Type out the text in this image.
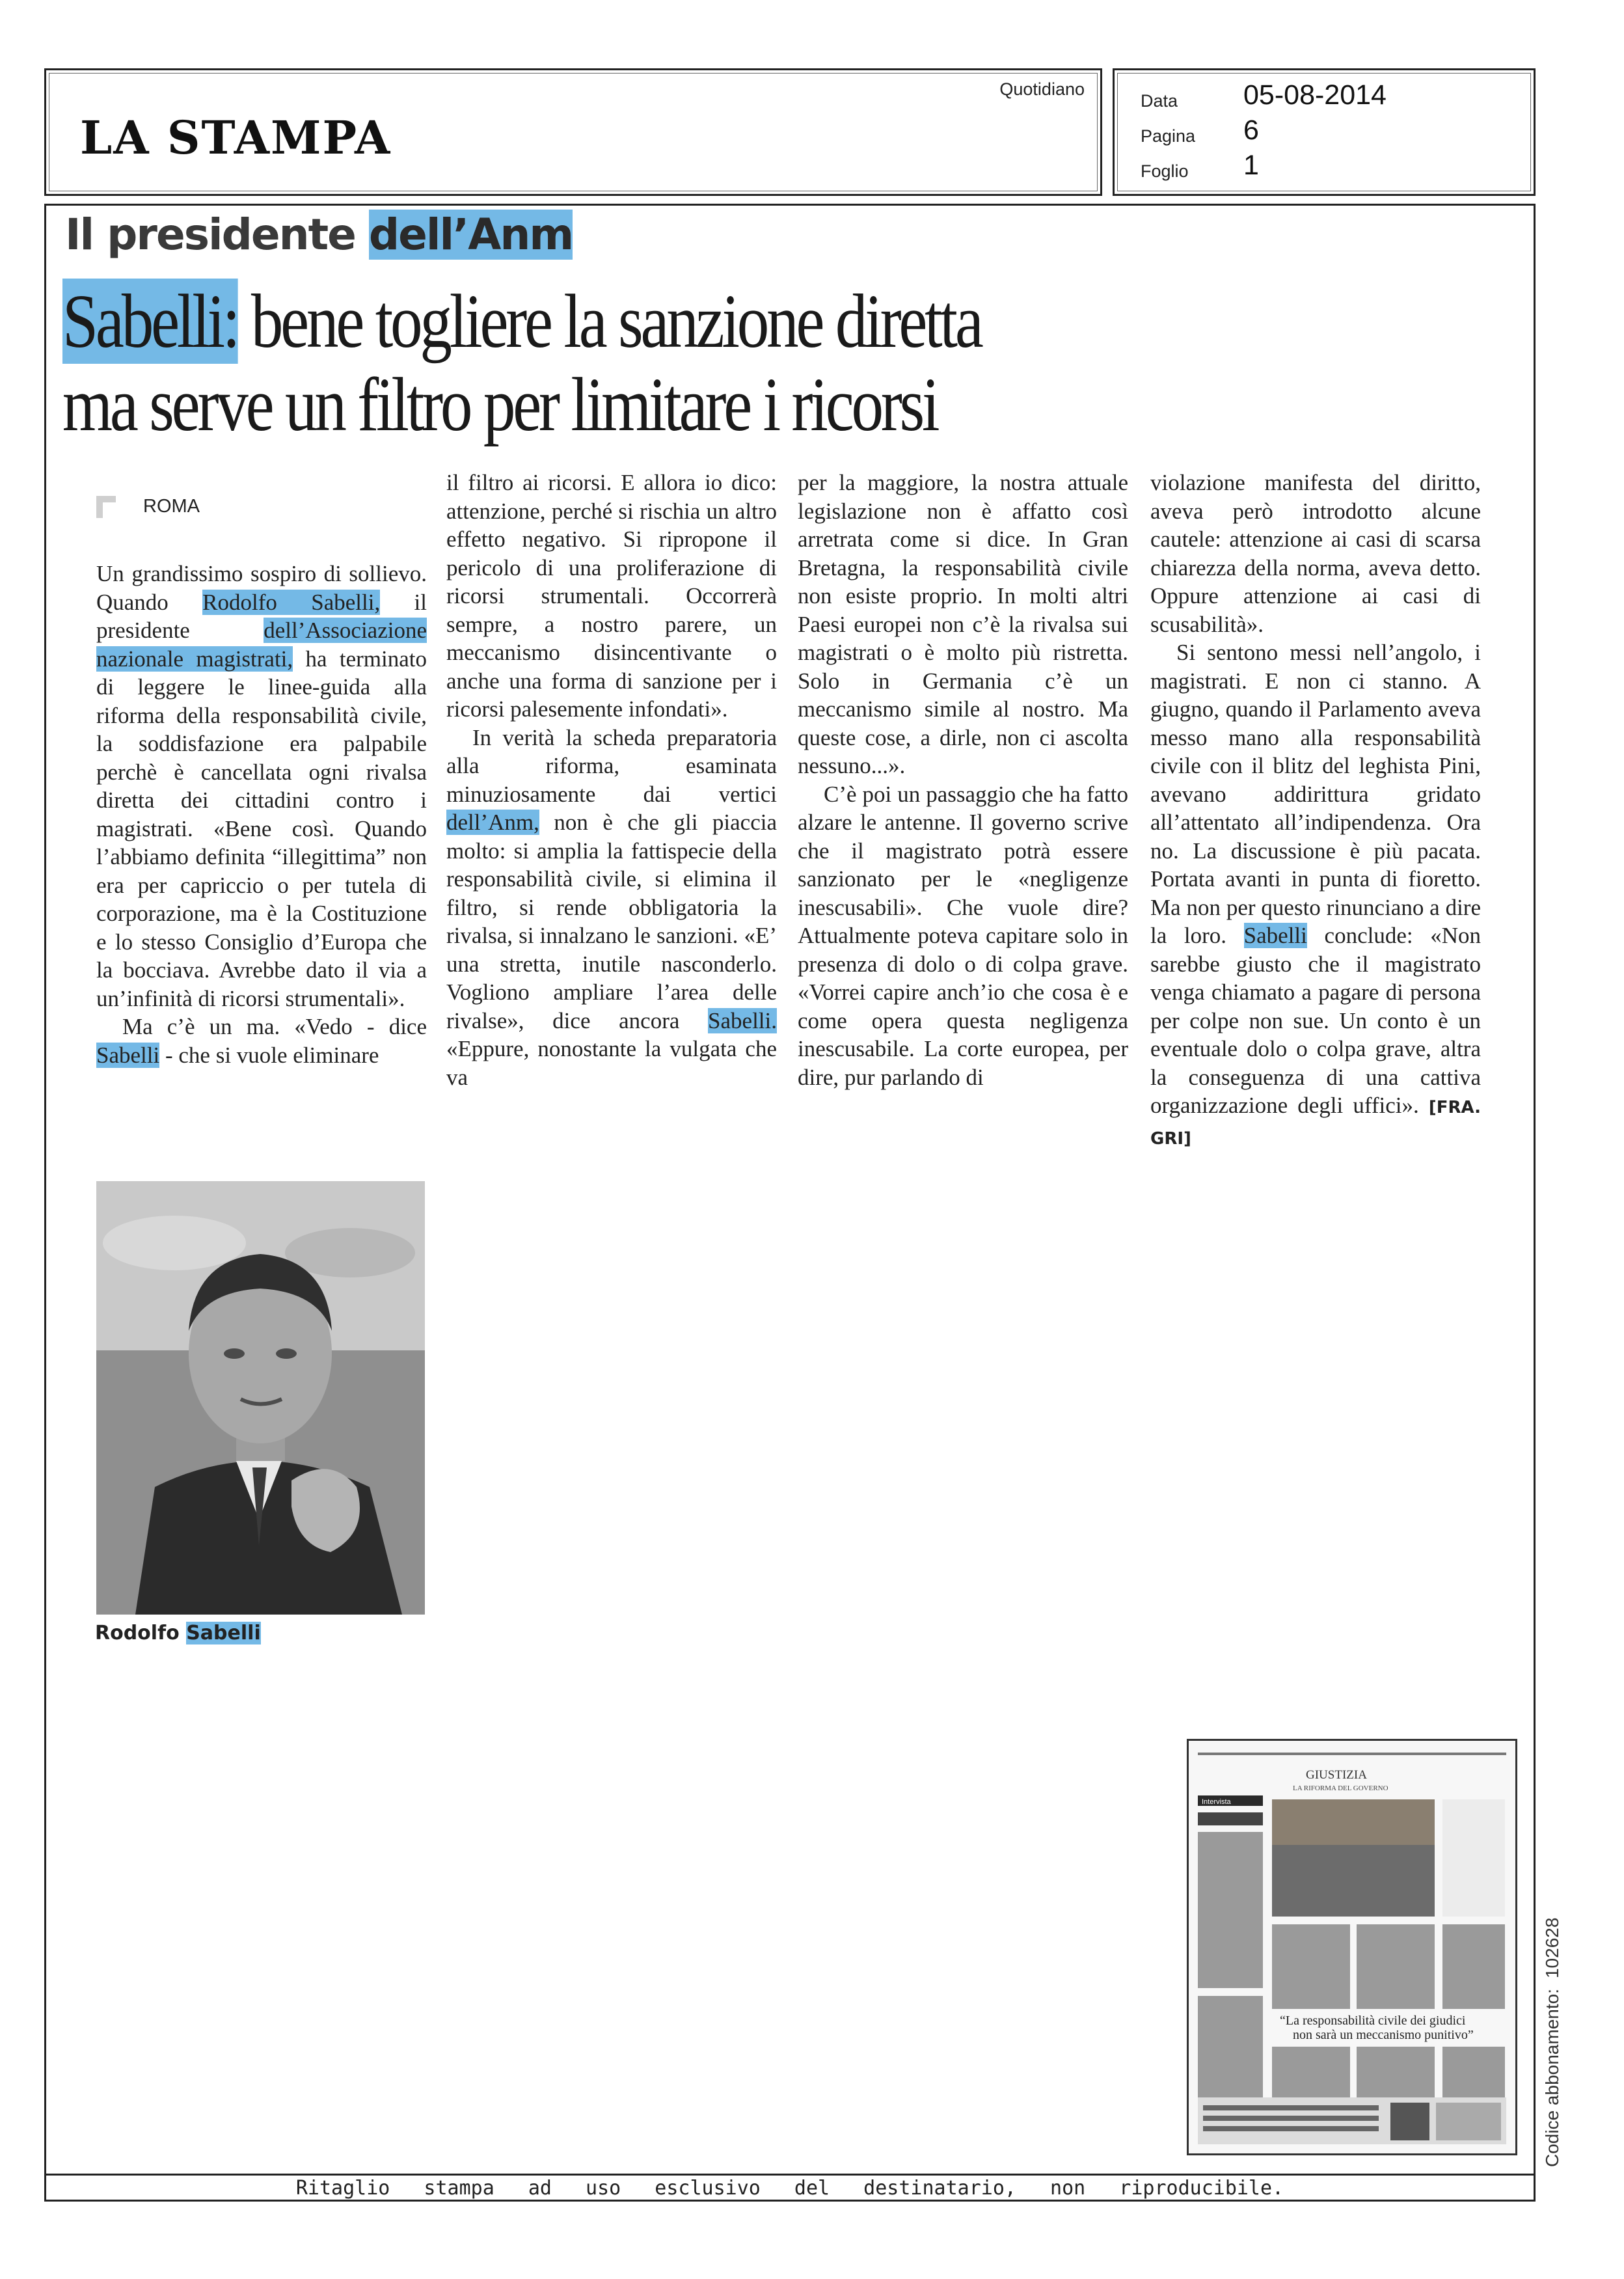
LA STAMPA
Quotidiano
Data 05-08-2014
Pagina 6
Foglio 1
Il presidente dell’Anm
Sabelli: bene togliere la sanzione diretta
ma serve un filtro per limitare i ricorsi
ROMA

Un grandissimo sospiro di sollievo. Quando Rodolfo Sabelli, il presidente dell’Associazione nazionale magistrati, ha terminato di leggere le linee-guida alla riforma della responsabilità civile, la soddisfazione era palpabile perchè è cancellata ogni rivalsa diretta dei cittadini contro i magistrati. «Bene così. Quando l’abbiamo definita “illegittima” non era per capriccio o per tutela di corporazione, ma è la Costituzione e lo stesso Consiglio d’Europa che la bocciava. Avrebbe dato il via a un’infinità di ricorsi strumentali».

Ma c’è un ma. «Vedo - dice Sabelli - che si vuole eliminare

il filtro ai ricorsi. E allora io dico: attenzione, perché si rischia un altro effetto negativo. Si ripropone il pericolo di una proliferazione di ricorsi strumentali. Occorrerà sempre, a nostro parere, un meccanismo disincentivante o anche una forma di sanzione per i ricorsi palesemente infondati».

In verità la scheda preparatoria alla riforma, esaminata minuziosamente dai vertici dell’Anm, non è che gli piaccia molto: si amplia la fattispecie della responsabilità civile, si elimina il filtro, si rende obbligatoria la rivalsa, si innalzano le sanzioni. «E’ una stretta, inutile nasconderlo. Vogliono ampliare l’area delle rivalse», dice ancora Sabelli. «Eppure, nonostante la vulgata che va

per la maggiore, la nostra attuale legislazione non è affatto così arretrata come si dice. In Gran Bretagna, la responsabilità civile non esiste proprio. In molti altri Paesi europei non c’è la rivalsa sui magistrati o è molto più ristretta. Solo in Germania c’è un meccanismo simile al nostro. Ma queste cose, a dirle, non ci ascolta nessuno...».

C’è poi un passaggio che ha fatto alzare le antenne. Il governo scrive che il magistrato potrà essere sanzionato per le «negligenze inescusabili». Che vuole dire? Attualmente poteva capitare solo in presenza di dolo o di colpa grave. «Vorrei capire anch’io che cosa è e come opera questa negligenza inescusabile. La corte europea, per dire, pur parlando di

violazione manifesta del diritto, aveva però introdotto alcune cautele: attenzione ai casi di scarsa chiarezza della norma, aveva detto. Oppure attenzione ai casi di scusabilità».

Si sentono messi nell’angolo, i magistrati. E non ci stanno. A giugno, quando il Parlamento aveva messo mano alla responsabilità civile con il blitz del leghista Pini, avevano addirittura gridato all’attentato all’indipendenza. Ora no. La discussione è più pacata. Portata avanti in punta di fioretto. Ma non per questo rinunciano a dire la loro. Sabelli conclude: «Non sarebbe giusto che il magistrato venga chiamato a pagare di persona per colpe non sue. Un conto è un eventuale dolo o colpa grave, altra la conseguenza di una cattiva organizzazione degli uffici». [FRA. GRI]

Rodolfo Sabelli
GIUSTIZIA
LA RIFORMA DEL GOVERNO
Intervista
“La responsabilità civile dei giudici
non sarà un meccanismo punitivo”
Ritaglio stampa ad uso esclusivo del destinatario, non riproducibile.
Codice abbonamento:102628
